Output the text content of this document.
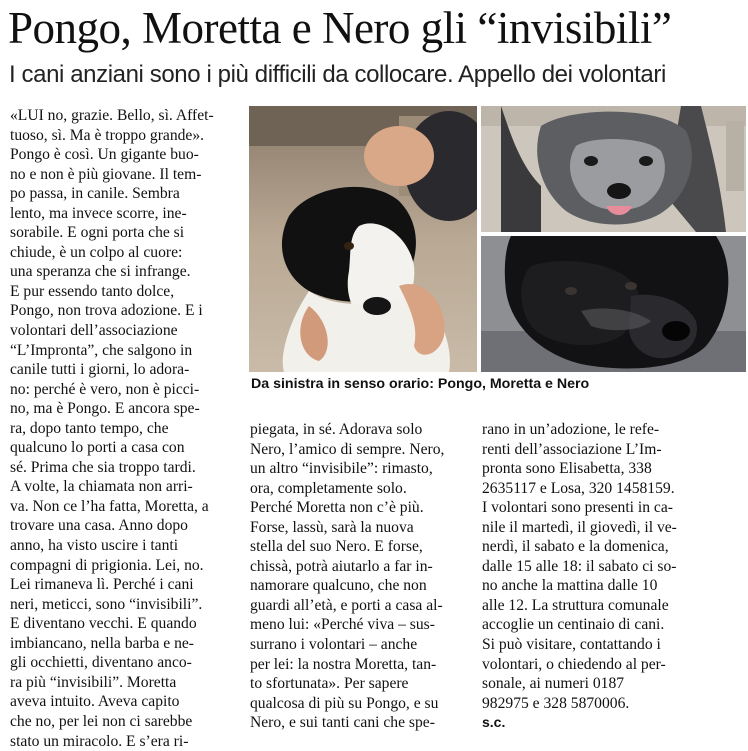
Pongo, Moretta e Nero gli “invisibili”
I cani anziani sono i più difficili da collocare. Appello dei volontari
«LUI no, grazie. Bello, sì. Affet-
tuoso, sì. Ma è troppo grande».
Pongo è così. Un gigante buo-
no e non è più giovane. Il tem-
po passa, in canile. Sembra
lento, ma invece scorre, ine-
sorabile. E ogni porta che si
chiude, è un colpo al cuore:
una speranza che si infrange.
E pur essendo tanto dolce,
Pongo, non trova adozione. E i
volontari dell’associazione
“L’Impronta”, che salgono in
canile tutti i giorni, lo adora-
no: perché è vero, non è picci-
no, ma è Pongo. E ancora spe-
ra, dopo tanto tempo, che
qualcuno lo porti a casa con
sé. Prima che sia troppo tardi.
A volte, la chiamata non arri-
va. Non ce l’ha fatta, Moretta, a
trovare una casa. Anno dopo
anno, ha visto uscire i tanti
compagni di prigionia. Lei, no.
Lei rimaneva lì. Perché i cani
neri, meticci, sono “invisibili”.
E diventano vecchi. E quando
imbiancano, nella barba e ne-
gli occhietti, diventano anco-
ra più “invisibili”. Moretta
aveva intuito. Aveva capito
che no, per lei non ci sarebbe
stato un miracolo. E s’era ri-
Da sinistra in senso orario: Pongo, Moretta e Nero
piegata, in sé. Adorava solo
Nero, l’amico di sempre. Nero,
un altro “invisibile”: rimasto,
ora, completamente solo.
Perché Moretta non c’è più.
Forse, lassù, sarà la nuova
stella del suo Nero. E forse,
chissà, potrà aiutarlo a far in-
namorare qualcuno, che non
guardi all’età, e porti a casa al-
meno lui: «Perché viva – sus-
surrano i volontari – anche
per lei: la nostra Moretta, tan-
to sfortunata». Per sapere
qualcosa di più su Pongo, e su
Nero, e sui tanti cani che spe-
rano in un’adozione, le refe-
renti dell’associazione L’Im-
pronta sono Elisabetta, 338
2635117 e Losa, 320 1458159.
I volontari sono presenti in ca-
nile il martedì, il giovedì, il ve-
nerdì, il sabato e la domenica,
dalle 15 alle 18: il sabato ci so-
no anche la mattina dalle 10
alle 12. La struttura comunale
accoglie un centinaio di cani.
Si può visitare, contattando i
volontari, o chiedendo al per-
sonale, ai numeri 0187
982975 e 328 5870006.
s.c.
